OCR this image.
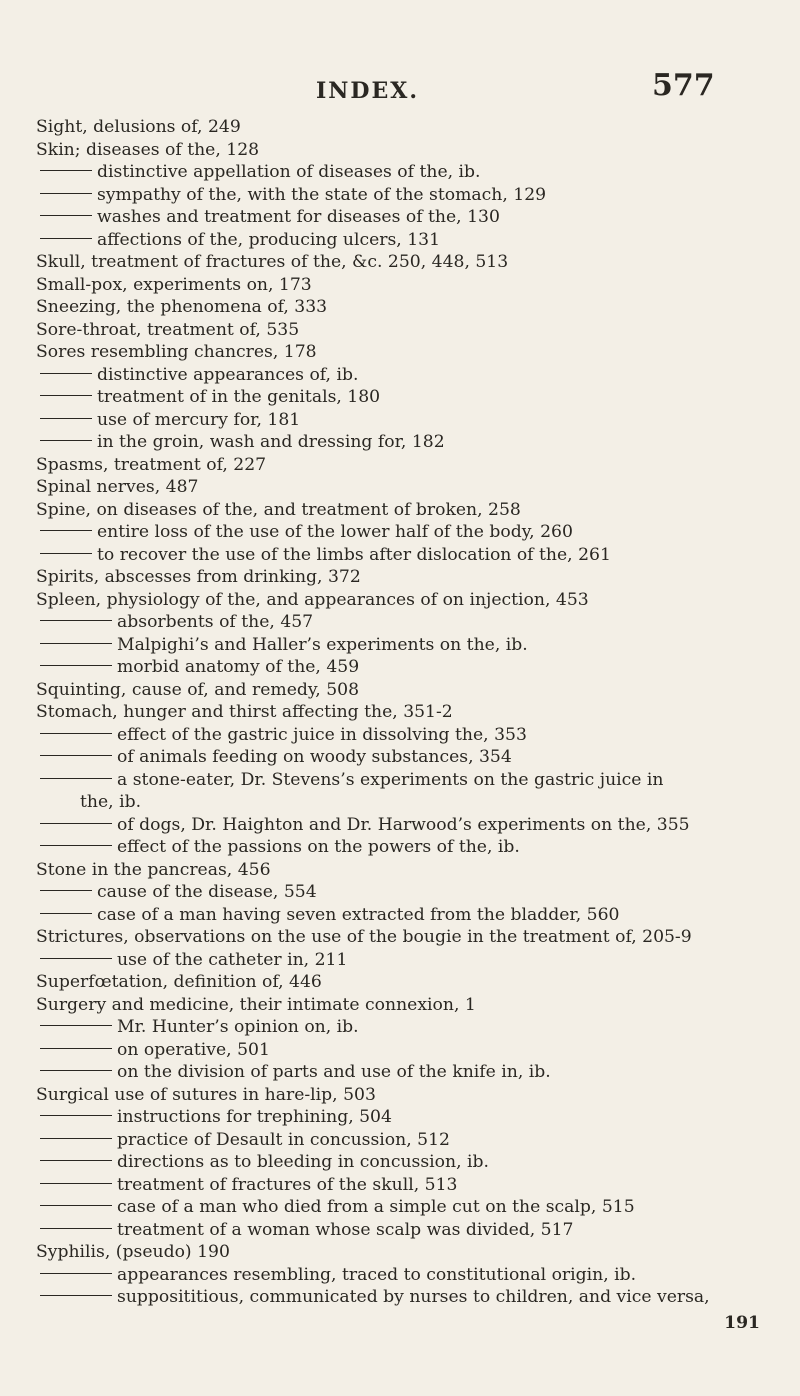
INDEX.	577
Sight, delusions of, 249
Skin; diseases of the, 128
distinctive appellation of diseases of the, ib.
sympathy of the, with the state of the stomach, 129
washes and treatment for diseases of the, 130
affections of the, producing ulcers, 131
Skull, treatment of fractures of the, &c. 250, 448, 513
Small-pox, experiments on, 173
Sneezing, the phenomena of, 333
Sore-throat, treatment of, 535
Sores resembling chancres, 178
distinctive appearances of, ib.
treatment of in the genitals, 180
use of mercury for, 181
in the groin, wash and dressing for, 182
Spasms, treatment of, 227
Spinal nerves, 487
Spine, on diseases of the, and treatment of broken, 258
entire loss of the use of the lower half of the body, 260
to recover the use of the limbs after dislocation of the, 261
Spirits, abscesses from drinking, 372
Spleen, physiology of the, and appearances of on injection, 453
absorbents of the, 457
Malpighi’s and Haller’s experiments on the, ib.
morbid anatomy of the, 459
Squinting, cause of, and remedy, 508
Stomach, hunger and thirst affecting the, 351-2
effect of the gastric juice in dissolving the, 353
of animals feeding on woody substances, 354
a stone-eater, Dr. Stevens’s experiments on the gastric juice in
the, ib.
of dogs, Dr. Haighton and Dr. Harwood’s experiments on the, 355
effect of the passions on the powers of the, ib.
Stone in the pancreas, 456
cause of the disease, 554
case of a man having seven extracted from the bladder, 560
Strictures, observations on the use of the bougie in the treatment of, 205-9
use of the catheter in, 211
Superfœtation, definition of, 446
Surgery and medicine, their intimate connexion, 1
Mr. Hunter’s opinion on, ib.
on operative, 501
on the division of parts and use of the knife in, ib.
Surgical use of sutures in hare-lip, 503
instructions for trephining, 504
practice of Desault in concussion, 512
directions as to bleeding in concussion, ib.
treatment of fractures of the skull, 513
case of a man who died from a simple cut on the scalp, 515
treatment of a woman whose scalp was divided, 517
Syphilis, (pseudo) 190
appearances resembling, traced to constitutional origin, ib.
supposititious, communicated by nurses to children, and vice versa,
191
